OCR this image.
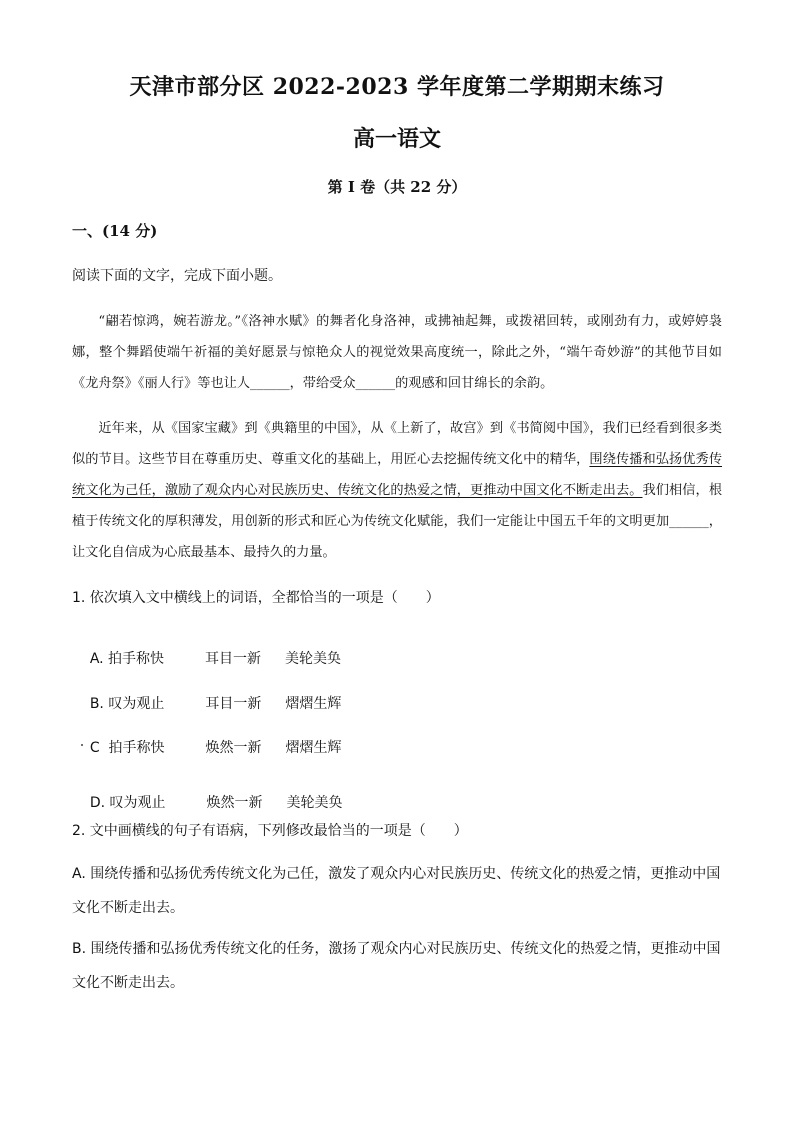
天津市部分区 2022-2023 学年度第二学期期末练习
高一语文
第 I 卷（共 22 分）
一、(14 分)
阅读下面的文字，完成下面小题。

“翩若惊鸿，婉若游龙。”《洛神水赋》的舞者化身洛神，或拂袖起舞，或拨裙回转，或刚劲有力，或婷婷袅娜，整个舞蹈使端午祈福的美好愿景与惊艳众人的视觉效果高度统一，除此之外，“端午奇妙游”的其他节目如《龙舟祭》《丽人行》等也让人______，带给受众______的观感和回甘绵长的余韵。

近年来，从《国家宝藏》到《典籍里的中国》，从《上新了，故宫》到《书简阅中国》，我们已经看到很多类似的节目。这些节目在尊重历史、尊重文化的基础上，用匠心去挖掘传统文化中的精华，围绕传播和弘扬优秀传统文化为己任，激励了观众内心对民族历史、传统文化的热爱之情，更推动中国文化不断走出去。我们相信，根植于传统文化的厚积薄发，用创新的形式和匠心为传统文化赋能，我们一定能让中国五千年的文明更加______，让文化自信成为心底最基本、最持久的力量。

1. 依次填入文中横线上的词语，全都恰当的一项是（　　）

A. 拍手称快	耳目一新 美轮美奂

B. 叹为观止	耳目一新 熠熠生辉

C 拍手称快	焕然一新 熠熠生辉

D. 叹为观止	焕然一新 美轮美奂

2. 文中画横线的句子有语病，下列修改最恰当的一项是（　　）
A. 围绕传播和弘扬优秀传统文化为己任，激发了观众内心对民族历史、传统文化的热爱之情，更推动中国文化不断走出去。
B. 围绕传播和弘扬优秀传统文化的任务，激扬了观众内心对民族历史、传统文化的热爱之情，更推动中国文化不断走出去。
